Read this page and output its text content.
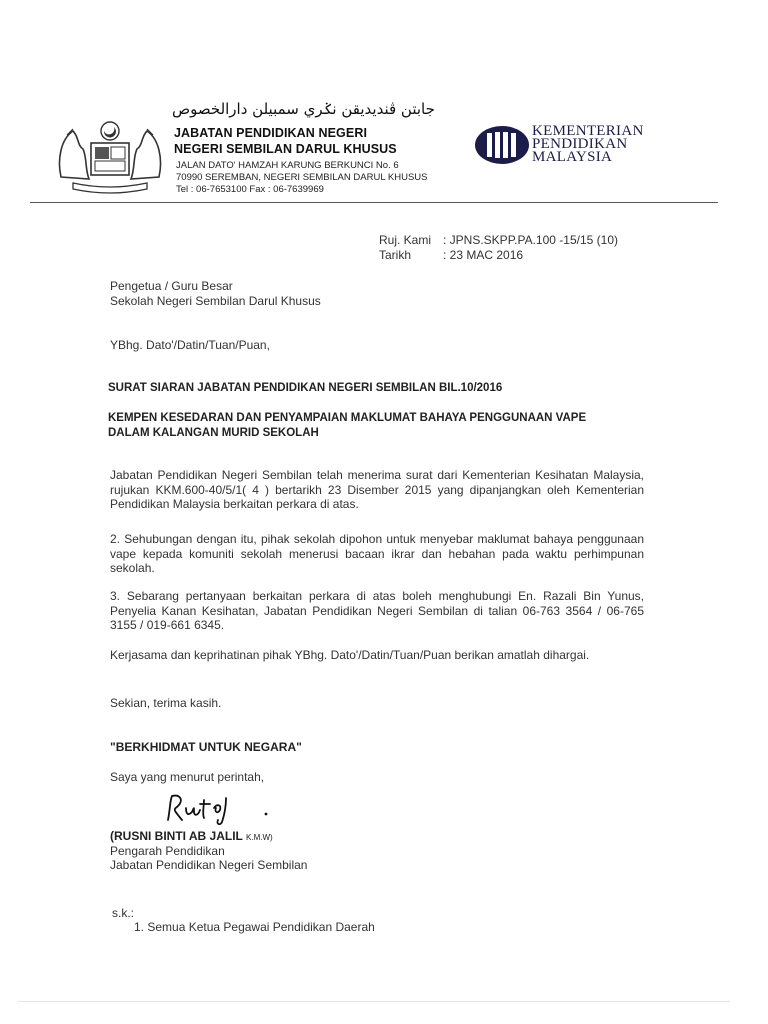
جابتن ڤنديديقن نݢري سمبيلن دارالخصوص
JABATAN PENDIDIKAN NEGERI
NEGERI SEMBILAN DARUL KHUSUS
JALAN DATO' HAMZAH KARUNG BERKUNCI No. 6
70990 SEREMBAN, NEGERI SEMBILAN DARUL KHUSUS
Tel : 06-7653100 Fax : 06-7639969
KEMENTERIAN
PENDIDIKAN
MALAYSIA
Ruj. Kami : JPNS.SKPP.PA.100 -15/15 (10)
Tarikh	: 23 MAC 2016
Pengetua / Guru Besar
Sekolah Negeri Sembilan Darul Khusus
YBhg. Dato'/Datin/Tuan/Puan,
SURAT SIARAN JABATAN PENDIDIKAN NEGERI SEMBILAN BIL.10/2016
KEMPEN KESEDARAN DAN PENYAMPAIAN MAKLUMAT BAHAYA PENGGUNAAN VAPE
DALAM KALANGAN MURID SEKOLAH
Jabatan Pendidikan Negeri Sembilan telah menerima surat dari Kementerian Kesihatan Malaysia, rujukan KKM.600-40/5/1( 4 ) bertarikh 23 Disember 2015 yang dipanjangkan oleh Kementerian Pendidikan Malaysia berkaitan perkara di atas.
2. Sehubungan dengan itu, pihak sekolah dipohon untuk menyebar maklumat bahaya penggunaan vape kepada komuniti sekolah menerusi bacaan ikrar dan hebahan pada waktu perhimpunan sekolah.
3. Sebarang pertanyaan berkaitan perkara di atas boleh menghubungi En. Razali Bin Yunus, Penyelia Kanan Kesihatan, Jabatan Pendidikan Negeri Sembilan di talian 06-763 3564 / 06-765 3155 / 019-661 6345.
Kerjasama dan keprihatinan pihak YBhg. Dato'/Datin/Tuan/Puan berikan amatlah dihargai.
Sekian, terima kasih.
"BERKHIDMAT UNTUK NEGARA"
Saya yang menurut perintah,
(RUSNI BINTI AB JALIL K.M.W)
Pengarah Pendidikan
Jabatan Pendidikan Negeri Sembilan
s.k.:
1. Semua Ketua Pegawai Pendidikan Daerah
